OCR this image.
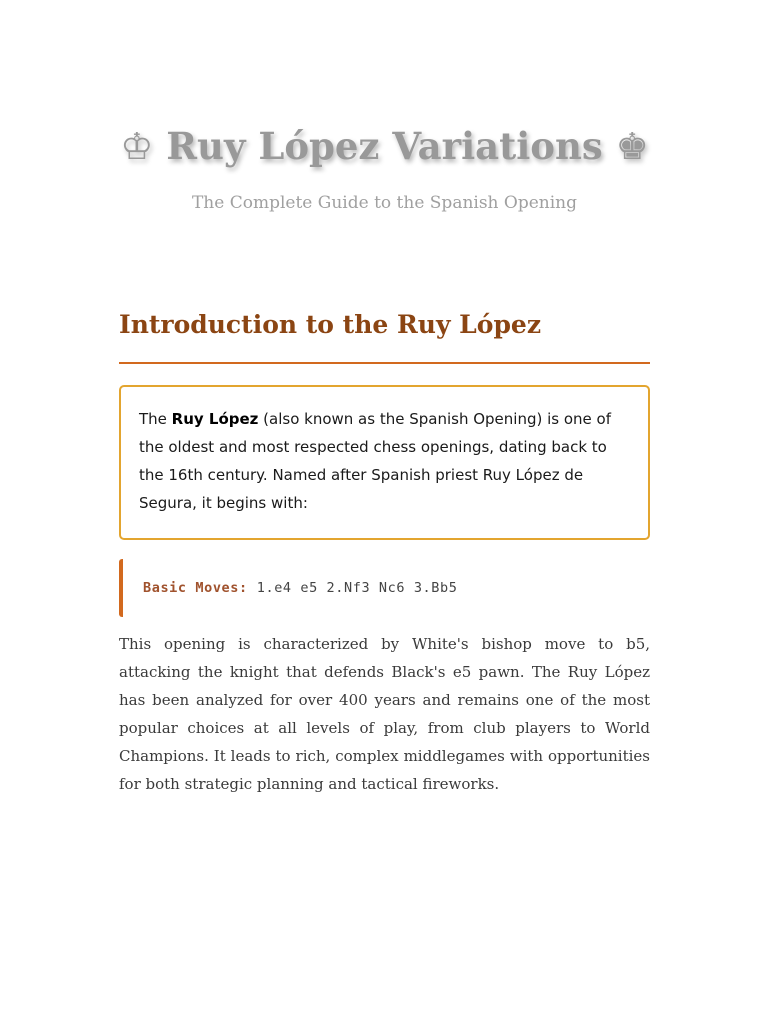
♔ Ruy López Variations ♚

The Complete Guide to the Spanish Opening

Introduction to the Ruy López

The Ruy López (also known as the Spanish Opening) is one of the oldest and most respected chess openings, dating back to the 16th century. Named after Spanish priest Ruy López de Segura, it begins with:

Basic Moves: 1.e4 e5 2.Nf3 Nc6 3.Bb5

This opening is characterized by White's bishop move to b5, attacking the knight that defends Black's e5 pawn. The Ruy López has been analyzed for over 400 years and remains one of the most popular choices at all levels of play, from club players to World Champions. It leads to rich, complex middlegames with opportunities for both strategic planning and tactical fireworks.
